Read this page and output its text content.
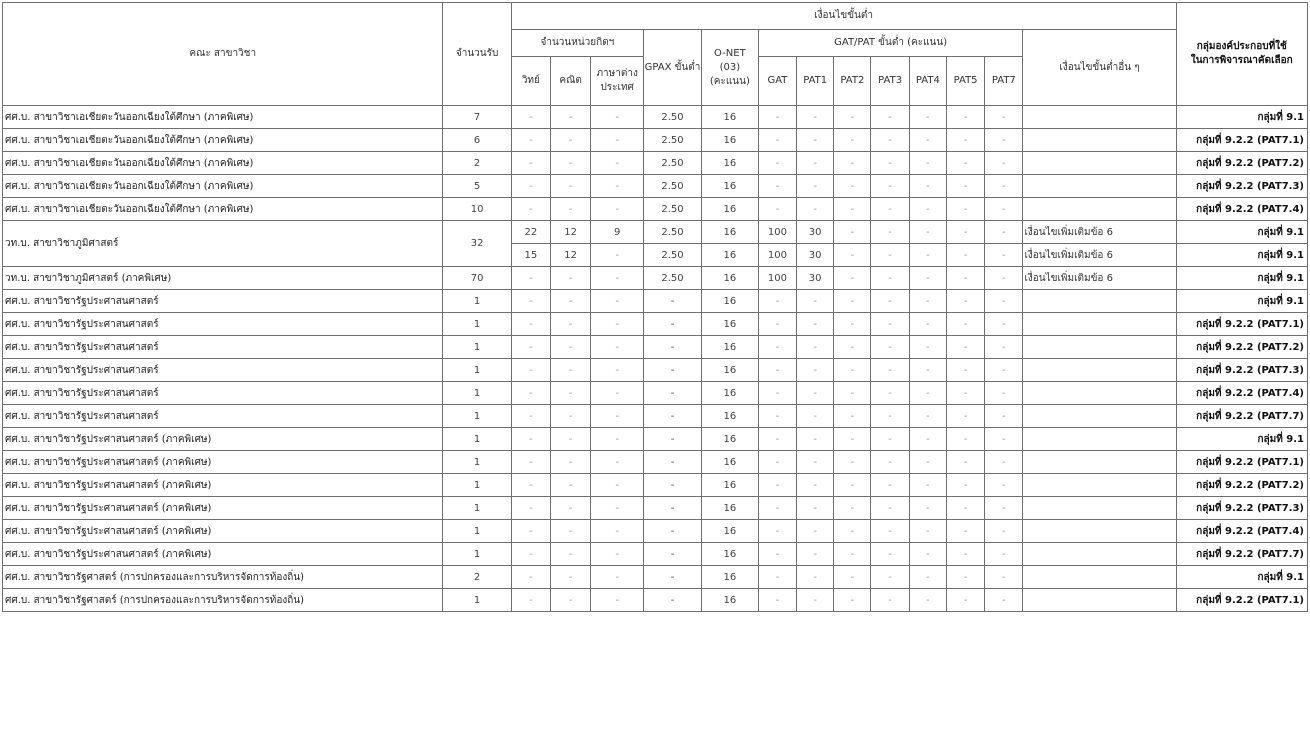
คณะ สาขาวิชา	จำนวนรับ	เงื่อนไขขั้นต่ำ													กลุ่มองค์ประกอบที่ใช้
ในการพิจารณาคัดเลือก

		จำนวนหน่วยกิตฯ			GPAX ขั้นต่ำ	O-NET
(03)
(คะแนน)	GAT/PAT ขั้นต่ำ (คะแนน)							เงื่อนไขขั้นต่ำอื่น ๆ	
		วิทย์	คณิต	ภาษาต่างประเทศ			GAT	PAT1	PAT2	PAT3	PAT4	PAT5	PAT7		
ศศ.บ. สาขาวิชาเอเชียตะวันออกเฉียงใต้ศึกษา (ภาคพิเศษ)	7	-	-	-	2.50	16	-	-	-	-	-	-	-		กลุ่มที่ 9.1
ศศ.บ. สาขาวิชาเอเชียตะวันออกเฉียงใต้ศึกษา (ภาคพิเศษ)	6	-	-	-	2.50	16	-	-	-	-	-	-	-		กลุ่มที่ 9.2.2 (PAT7.1)
ศศ.บ. สาขาวิชาเอเชียตะวันออกเฉียงใต้ศึกษา (ภาคพิเศษ)	2	-	-	-	2.50	16	-	-	-	-	-	-	-		กลุ่มที่ 9.2.2 (PAT7.2)
ศศ.บ. สาขาวิชาเอเชียตะวันออกเฉียงใต้ศึกษา (ภาคพิเศษ)	5	-	-	-	2.50	16	-	-	-	-	-	-	-		กลุ่มที่ 9.2.2 (PAT7.3)
ศศ.บ. สาขาวิชาเอเชียตะวันออกเฉียงใต้ศึกษา (ภาคพิเศษ)	10	-	-	-	2.50	16	-	-	-	-	-	-	-		กลุ่มที่ 9.2.2 (PAT7.4)
วท.บ. สาขาวิชาภูมิศาสตร์	32	22	12	9	2.50	16	100	30	-	-	-	-	-	เงื่อนไขเพิ่มเติมข้อ 6	กลุ่มที่ 9.1
		15	12	-	2.50	16	100	30	-	-	-	-	-	เงื่อนไขเพิ่มเติมข้อ 6	กลุ่มที่ 9.1
วท.บ. สาขาวิชาภูมิศาสตร์ (ภาคพิเศษ)	70	-	-	-	2.50	16	100	30	-	-	-	-	-	เงื่อนไขเพิ่มเติมข้อ 6	กลุ่มที่ 9.1
ศศ.บ. สาขาวิชารัฐประศาสนศาสตร์	1	-	-	-	-	16	-	-	-	-	-	-	-		กลุ่มที่ 9.1
ศศ.บ. สาขาวิชารัฐประศาสนศาสตร์	1	-	-	-	-	16	-	-	-	-	-	-	-		กลุ่มที่ 9.2.2 (PAT7.1)
ศศ.บ. สาขาวิชารัฐประศาสนศาสตร์	1	-	-	-	-	16	-	-	-	-	-	-	-		กลุ่มที่ 9.2.2 (PAT7.2)
ศศ.บ. สาขาวิชารัฐประศาสนศาสตร์	1	-	-	-	-	16	-	-	-	-	-	-	-		กลุ่มที่ 9.2.2 (PAT7.3)
ศศ.บ. สาขาวิชารัฐประศาสนศาสตร์	1	-	-	-	-	16	-	-	-	-	-	-	-		กลุ่มที่ 9.2.2 (PAT7.4)
ศศ.บ. สาขาวิชารัฐประศาสนศาสตร์	1	-	-	-	-	16	-	-	-	-	-	-	-		กลุ่มที่ 9.2.2 (PAT7.7)
ศศ.บ. สาขาวิชารัฐประศาสนศาสตร์ (ภาคพิเศษ)	1	-	-	-	-	16	-	-	-	-	-	-	-		กลุ่มที่ 9.1
ศศ.บ. สาขาวิชารัฐประศาสนศาสตร์ (ภาคพิเศษ)	1	-	-	-	-	16	-	-	-	-	-	-	-		กลุ่มที่ 9.2.2 (PAT7.1)
ศศ.บ. สาขาวิชารัฐประศาสนศาสตร์ (ภาคพิเศษ)	1	-	-	-	-	16	-	-	-	-	-	-	-		กลุ่มที่ 9.2.2 (PAT7.2)
ศศ.บ. สาขาวิชารัฐประศาสนศาสตร์ (ภาคพิเศษ)	1	-	-	-	-	16	-	-	-	-	-	-	-		กลุ่มที่ 9.2.2 (PAT7.3)
ศศ.บ. สาขาวิชารัฐประศาสนศาสตร์ (ภาคพิเศษ)	1	-	-	-	-	16	-	-	-	-	-	-	-		กลุ่มที่ 9.2.2 (PAT7.4)
ศศ.บ. สาขาวิชารัฐประศาสนศาสตร์ (ภาคพิเศษ)	1	-	-	-	-	16	-	-	-	-	-	-	-		กลุ่มที่ 9.2.2 (PAT7.7)
ศศ.บ. สาขาวิชารัฐศาสตร์ (การปกครองและการบริหารจัดการท้องถิ่น)	2	-	-	-	-	16	-	-	-	-	-	-	-		กลุ่มที่ 9.1
ศศ.บ. สาขาวิชารัฐศาสตร์ (การปกครองและการบริหารจัดการท้องถิ่น)	1	-	-	-	-	16	-	-	-	-	-	-	-		กลุ่มที่ 9.2.2 (PAT7.1)
